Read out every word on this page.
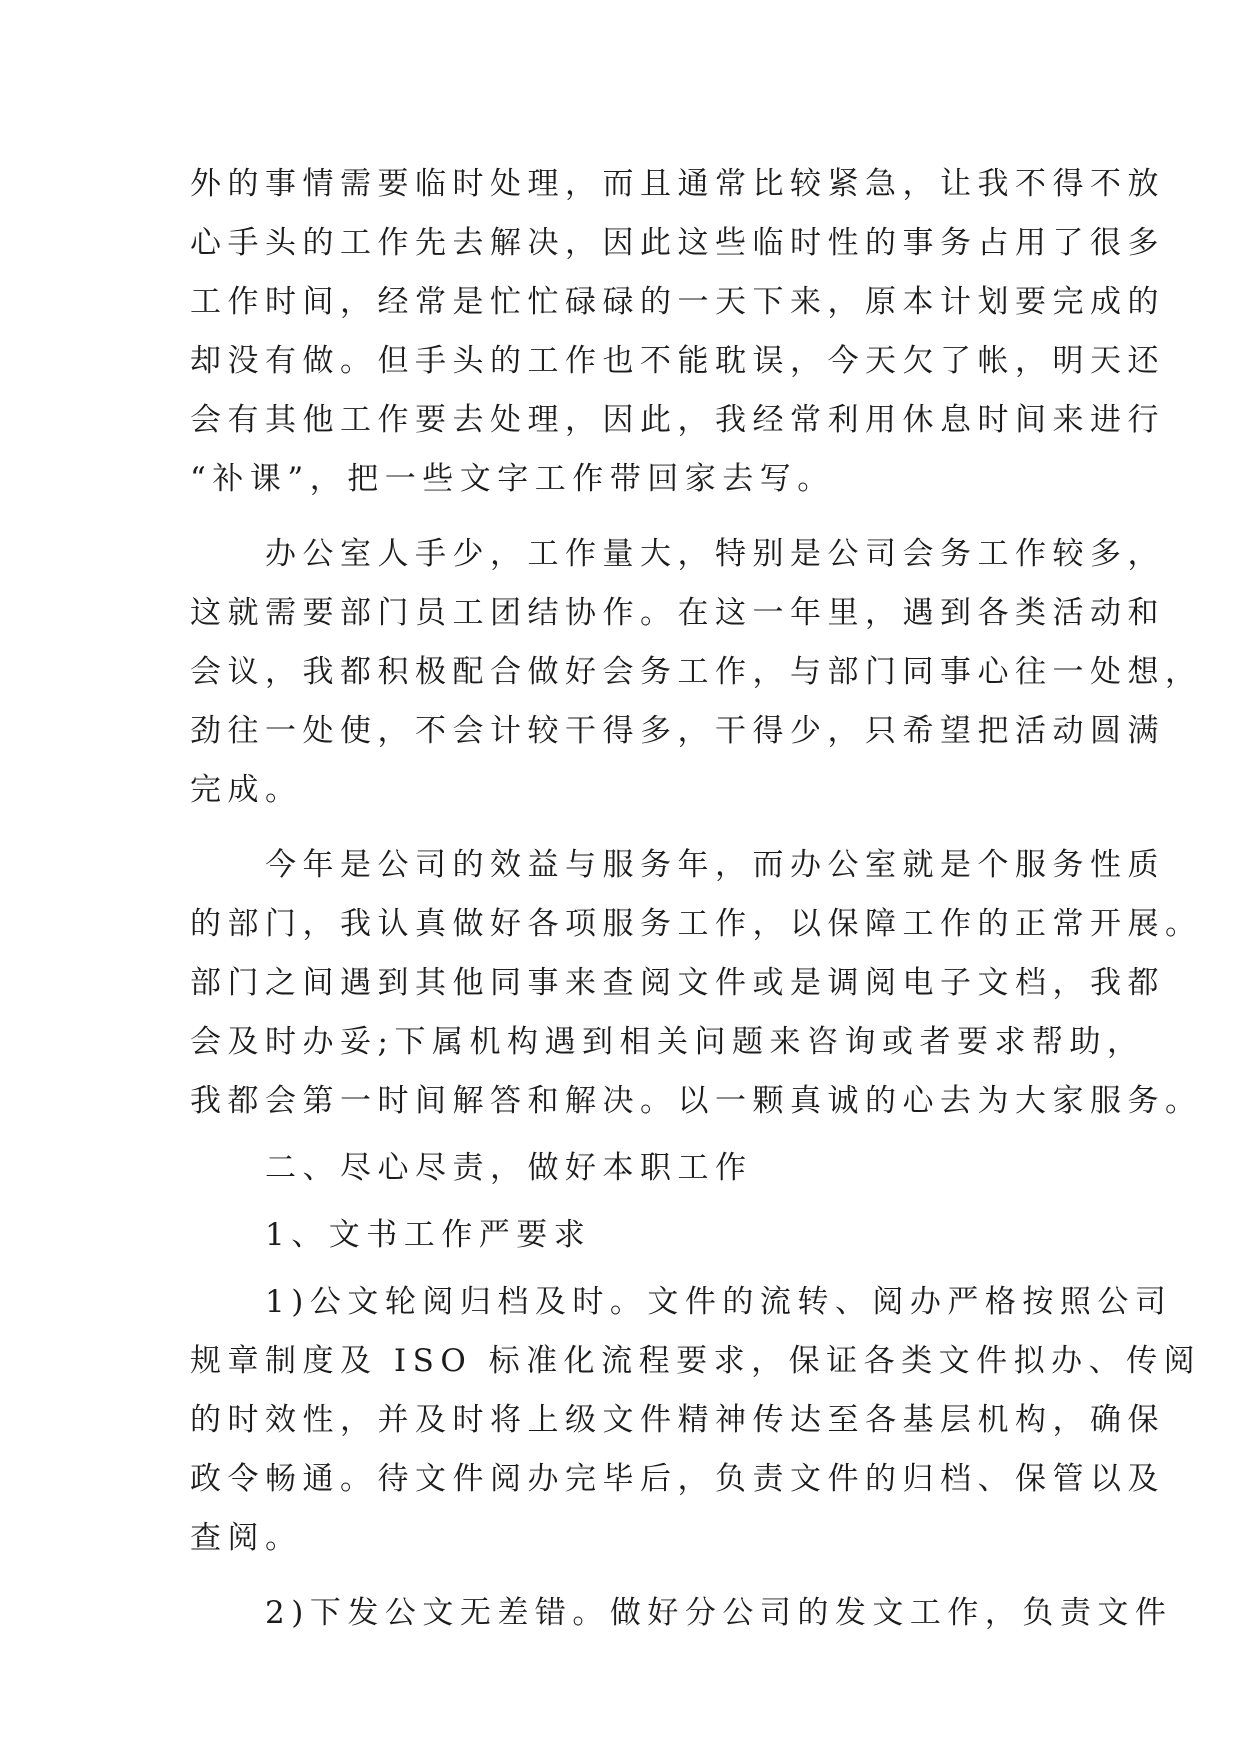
外的事情需要临时处理，而且通常比较紧急，让我不得不放
心手头的工作先去解决，因此这些临时性的事务占用了很多
工作时间，经常是忙忙碌碌的一天下来，原本计划要完成的
却没有做。但手头的工作也不能耽误，今天欠了帐，明天还
会有其他工作要去处理，因此，我经常利用休息时间来进行
“补课”，把一些文字工作带回家去写。
　　办公室人手少，工作量大，特别是公司会务工作较多，
这就需要部门员工团结协作。在这一年里，遇到各类活动和
会议，我都积极配合做好会务工作，与部门同事心往一处想，
劲往一处使，不会计较干得多，干得少，只希望把活动圆满
完成。
　　今年是公司的效益与服务年，而办公室就是个服务性质
的部门，我认真做好各项服务工作，以保障工作的正常开展。
部门之间遇到其他同事来查阅文件或是调阅电子文档，我都
会及时办妥;下属机构遇到相关问题来咨询或者要求帮助，
我都会第一时间解答和解决。以一颗真诚的心去为大家服务。
　　二、尽心尽责，做好本职工作
　　1、文书工作严要求
　　1)公文轮阅归档及时。文件的流转、阅办严格按照公司
规章制度及 ISO 标准化流程要求，保证各类文件拟办、传阅
的时效性，并及时将上级文件精神传达至各基层机构，确保
政令畅通。待文件阅办完毕后，负责文件的归档、保管以及
查阅。
　　2)下发公文无差错。做好分公司的发文工作，负责文件
